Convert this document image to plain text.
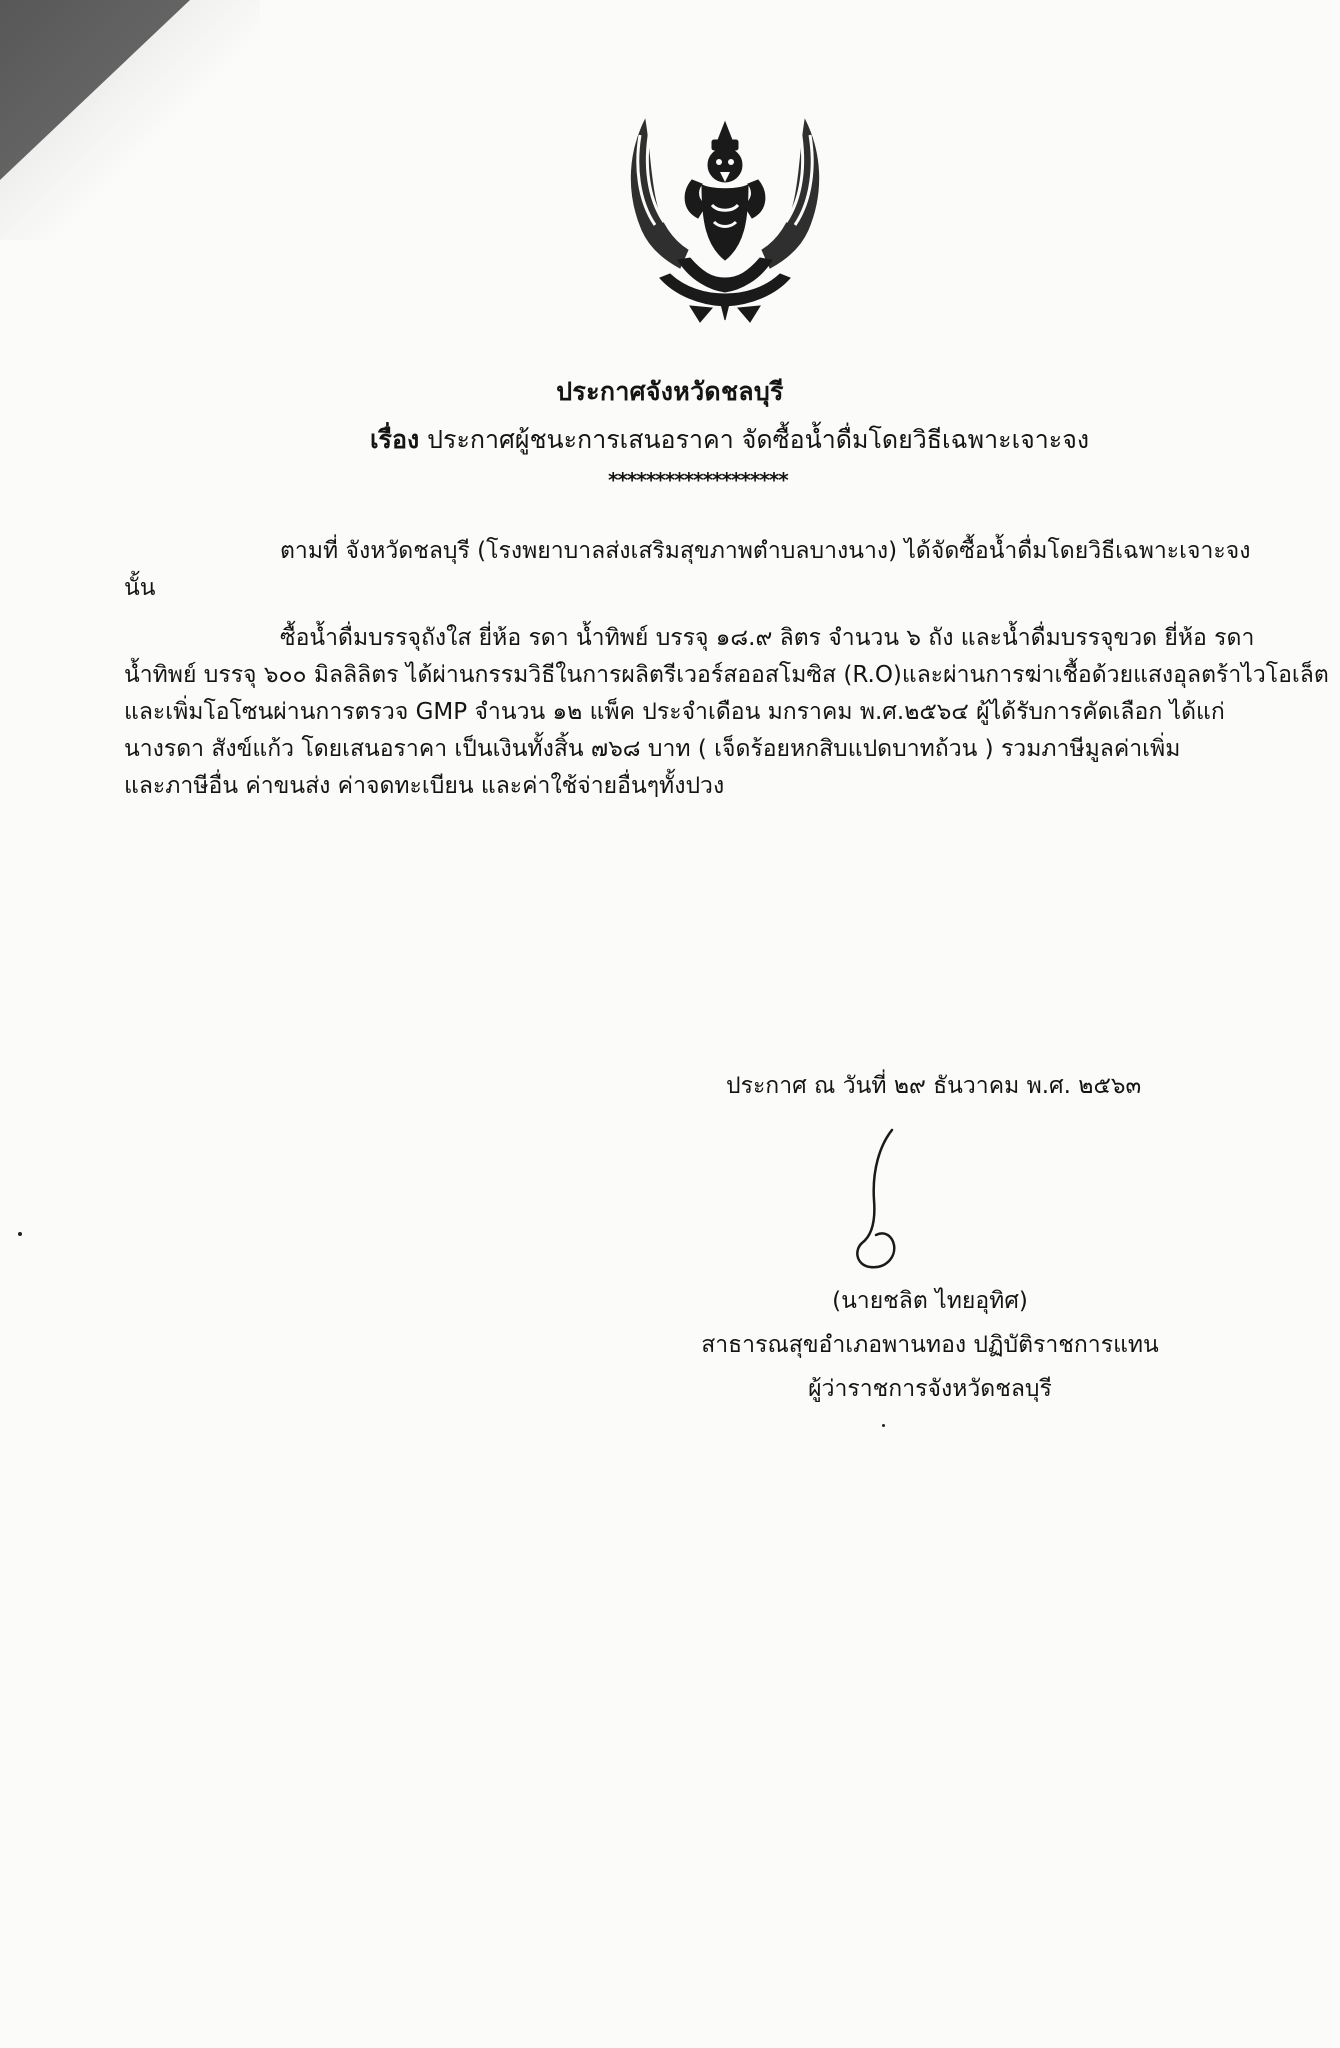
ประกาศจังหวัดชลบุรี
เรื่อง ประกาศผู้ชนะการเสนอราคา จัดซื้อน้ำดื่มโดยวิธีเฉพาะเจาะจง
*******************
ตามที่ จังหวัดชลบุรี (โรงพยาบาลส่งเสริมสุขภาพตำบลบางนาง) ได้จัดซื้อน้ำดื่มโดยวิธีเฉพาะเจาะจง
นั้น
ซื้อน้ำดื่มบรรจุถังใส ยี่ห้อ รดา น้ำทิพย์ บรรจุ ๑๘.๙ ลิตร จำนวน ๖ ถัง และน้ำดื่มบรรจุขวด ยี่ห้อ รดา
น้ำทิพย์ บรรจุ ๖๐๐ มิลลิลิตร ได้ผ่านกรรมวิธีในการผลิตรีเวอร์สออสโมซิส (R.O)และผ่านการฆ่าเชื้อด้วยแสงอุลตร้าไวโอเล็ต
และเพิ่มโอโซนผ่านการตรวจ GMP จำนวน ๑๒ แพ็ค ประจำเดือน มกราคม พ.ศ.๒๕๖๔ ผู้ได้รับการคัดเลือก ได้แก่
นางรดา สังข์แก้ว โดยเสนอราคา เป็นเงินทั้งสิ้น ๗๖๘ บาท ( เจ็ดร้อยหกสิบแปดบาทถ้วน ) รวมภาษีมูลค่าเพิ่ม
และภาษีอื่น ค่าขนส่ง ค่าจดทะเบียน และค่าใช้จ่ายอื่นๆทั้งปวง
ประกาศ ณ วันที่ ๒๙ ธันวาคม พ.ศ. ๒๕๖๓
(นายชลิต ไทยอุทิศ)
สาธารณสุขอำเภอพานทอง ปฏิบัติราชการแทน
ผู้ว่าราชการจังหวัดชลบุรี
